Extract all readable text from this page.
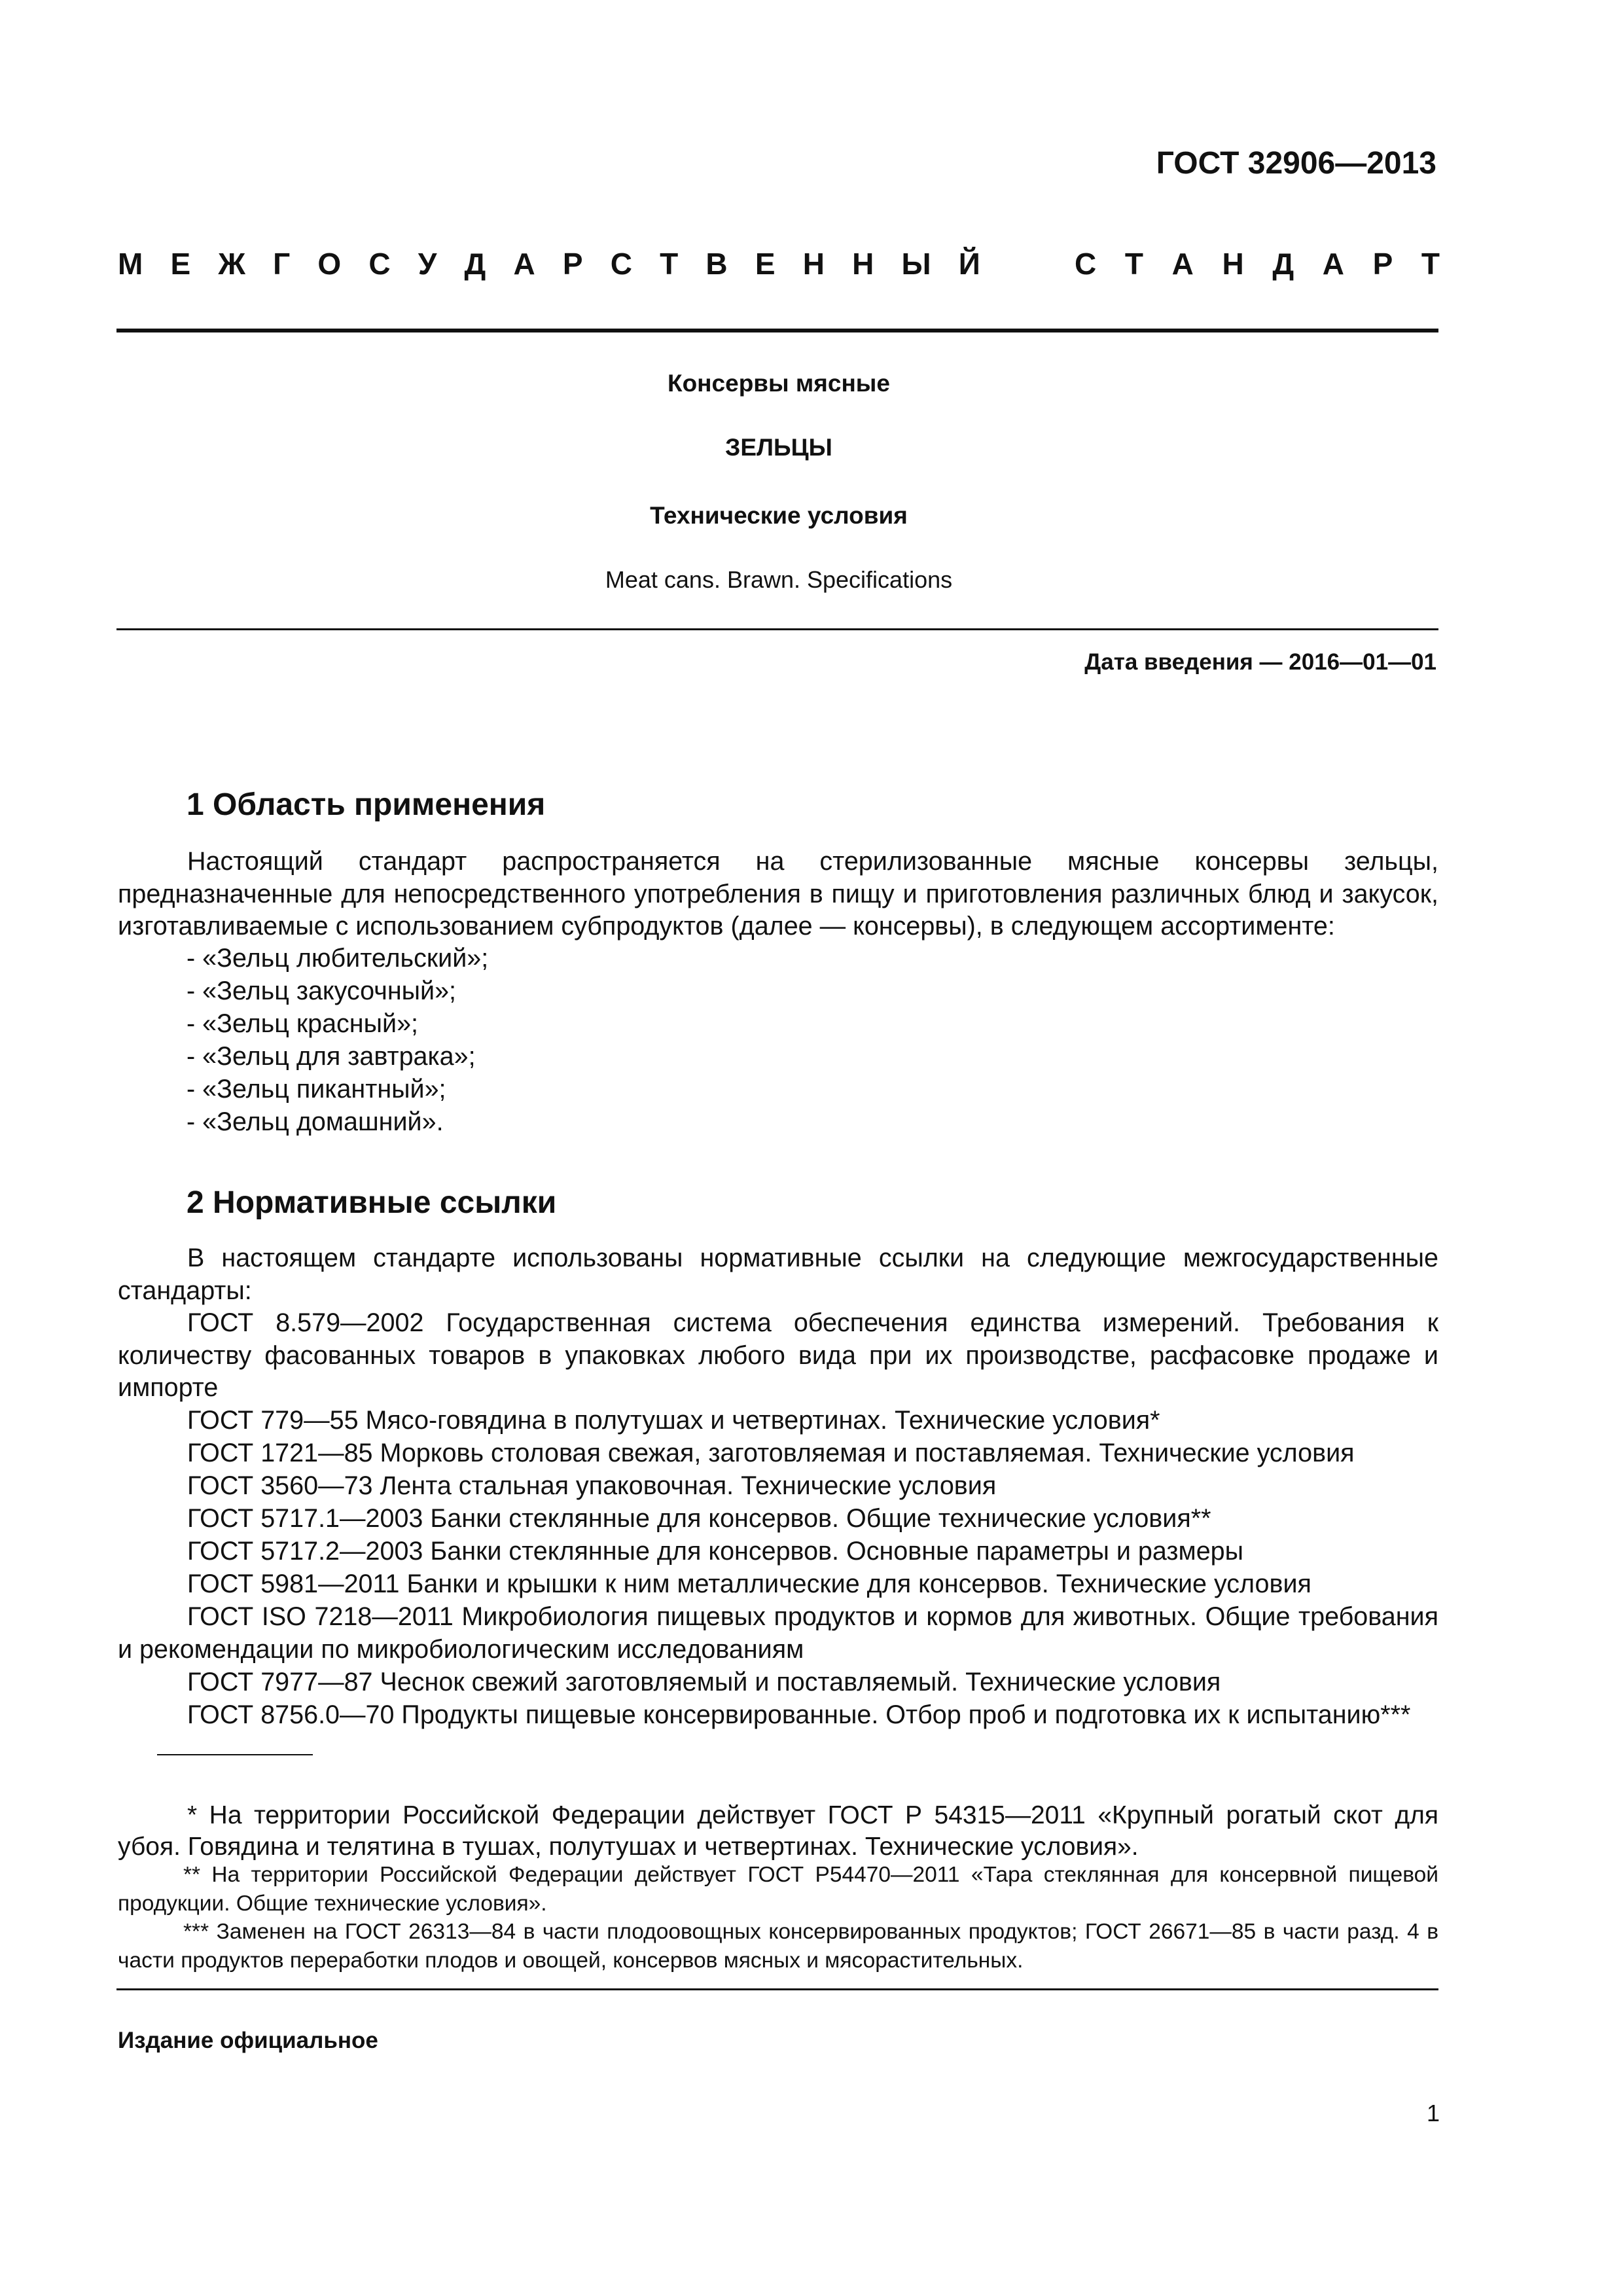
ГОСТ 32906—2013
М Е Ж Г О С У Д А Р С Т В Е Н Н Ы Й	С Т А Н Д А Р Т
Консервы мясные
ЗЕЛЬЦЫ
Технические условия
Meat cans. Brawn. Specifications
Дата введения — 2016—01—01
1 Область применения
Настоящий стандарт распространяется на стерилизованные мясные консервы зельцы, предназначенные для непосредственного употребления в пищу и приготовления различных блюд и закусок, изготавливаемые с использованием субпродуктов (далее — консервы), в следующем ассортименте:
- «Зельц любительский»;
- «Зельц закусочный»;
- «Зельц красный»;
- «Зельц для завтрака»;
- «Зельц пикантный»;
- «Зельц домашний».
2 Нормативные ссылки
В настоящем стандарте использованы нормативные ссылки на следующие межгосударственные стандарты:
ГОСТ 8.579—2002 Государственная система обеспечения единства измерений. Требования к количеству фасованных товаров в упаковках любого вида при их производстве, расфасовке продаже и импорте
ГОСТ 779—55 Мясо-говядина в полутушах и четвертинах. Технические условия*
ГОСТ 1721—85 Морковь столовая свежая, заготовляемая и поставляемая. Технические условия
ГОСТ 3560—73 Лента стальная упаковочная. Технические условия
ГОСТ 5717.1—2003 Банки стеклянные для консервов. Общие технические условия**
ГОСТ 5717.2—2003 Банки стеклянные для консервов. Основные параметры и размеры
ГОСТ 5981—2011 Банки и крышки к ним металлические для консервов. Технические условия
ГОСТ ISO 7218—2011 Микробиология пищевых продуктов и кормов для животных. Общие требования и рекомендации по микробиологическим исследованиям
ГОСТ 7977—87 Чеснок свежий заготовляемый и поставляемый. Технические условия
ГОСТ 8756.0—70 Продукты пищевые консервированные. Отбор проб и подготовка их к испытанию***
* На территории Российской Федерации действует ГОСТ Р 54315—2011 «Крупный рогатый скот для убоя. Говядина и телятина в тушах, полутушах и четвертинах. Технические условия».
** На территории Российской Федерации действует ГОСТ Р54470—2011 «Тара стеклянная для консервной пищевой продукции. Общие технические условия».
*** Заменен на ГОСТ 26313—84 в части плодоовощных консервированных продуктов; ГОСТ 26671—85 в части разд. 4 в части продуктов переработки плодов и овощей, консервов мясных и мясорастительных.
Издание официальное
1
